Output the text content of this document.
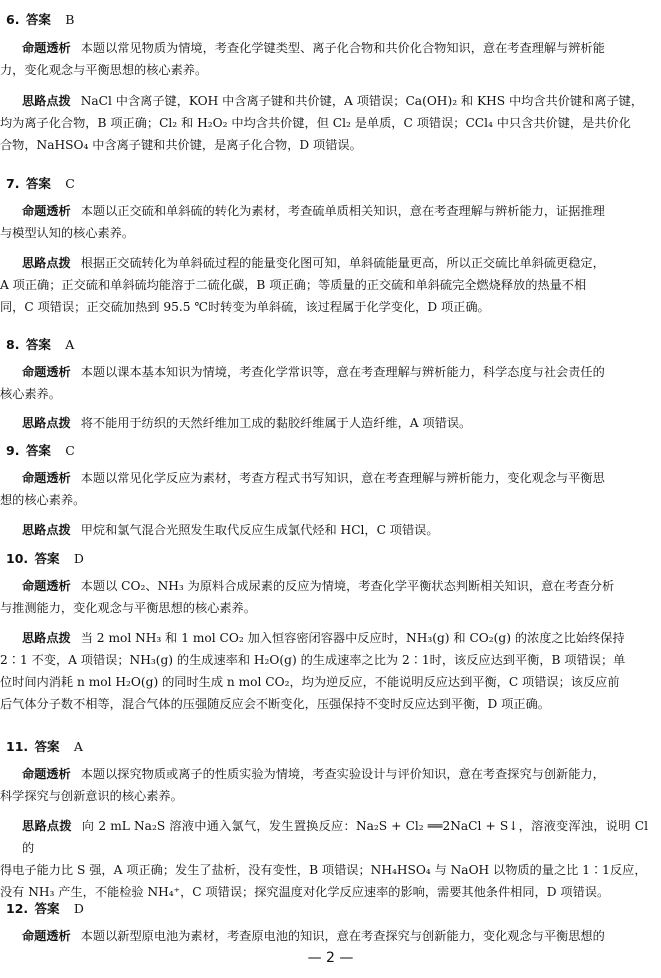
6. 答案 B
命题透析 本题以常见物质为情境，考查化学键类型、离子化合物和共价化合物知识，意在考查理解与辨析能
力，变化观念与平衡思想的核心素养。
思路点拨 NaCl 中含离子键，KOH 中含离子键和共价键，A 项错误；Ca(OH)₂ 和 KHS 中均含共价键和离子键，
均为离子化合物，B 项正确；Cl₂ 和 H₂O₂ 中均含共价键，但 Cl₂ 是单质，C 项错误；CCl₄ 中只含共价键，是共价化
合物，NaHSO₄ 中含离子键和共价键，是离子化合物，D 项错误。
7. 答案 C
命题透析 本题以正交硫和单斜硫的转化为素材，考查硫单质相关知识，意在考查理解与辨析能力，证据推理
与模型认知的核心素养。
思路点拨 根据正交硫转化为单斜硫过程的能量变化图可知，单斜硫能量更高，所以正交硫比单斜硫更稳定，
A 项正确；正交硫和单斜硫均能溶于二硫化碳，B 项正确；等质量的正交硫和单斜硫完全燃烧释放的热量不相
同，C 项错误；正交硫加热到 95.5 ℃时转变为单斜硫，该过程属于化学变化，D 项正确。
8. 答案 A
命题透析 本题以课本基本知识为情境，考查化学常识等，意在考查理解与辨析能力，科学态度与社会责任的
核心素养。
思路点拨 将不能用于纺织的天然纤维加工成的黏胶纤维属于人造纤维，A 项错误。
9. 答案 C
命题透析 本题以常见化学反应为素材，考查方程式书写知识，意在考查理解与辨析能力，变化观念与平衡思
想的核心素养。
思路点拨 甲烷和氯气混合光照发生取代反应生成氯代烃和 HCl，C 项错误。
10. 答案 D
命题透析 本题以 CO₂、NH₃ 为原料合成尿素的反应为情境，考查化学平衡状态判断相关知识，意在考查分析
与推测能力，变化观念与平衡思想的核心素养。
思路点拨 当 2 mol NH₃ 和 1 mol CO₂ 加入恒容密闭容器中反应时，NH₃(g) 和 CO₂(g) 的浓度之比始终保持
2∶1 不变，A 项错误；NH₃(g) 的生成速率和 H₂O(g) 的生成速率之比为 2∶1时，该反应达到平衡，B 项错误；单
位时间内消耗 n mol H₂O(g) 的同时生成 n mol CO₂，均为逆反应，不能说明反应达到平衡，C 项错误；该反应前
后气体分子数不相等，混合气体的压强随反应会不断变化，压强保持不变时反应达到平衡，D 项正确。
11. 答案 A
命题透析 本题以探究物质或离子的性质实验为情境，考查实验设计与评价知识，意在考查探究与创新能力，
科学探究与创新意识的核心素养。
思路点拨 向 2 mL Na₂S 溶液中通入氯气，发生置换反应：Na₂S + Cl₂ ══2NaCl + S↓，溶液变浑浊，说明 Cl 的
得电子能力比 S 强，A 项正确；发生了盐析，没有变性，B 项错误；NH₄HSO₄ 与 NaOH 以物质的量之比 1∶1反应，
没有 NH₃ 产生，不能检验 NH₄⁺，C 项错误；探究温度对化学反应速率的影响，需要其他条件相同，D 项错误。
12. 答案 D
命题透析 本题以新型原电池为素材，考查原电池的知识，意在考查探究与创新能力，变化观念与平衡思想的
— 2 —
